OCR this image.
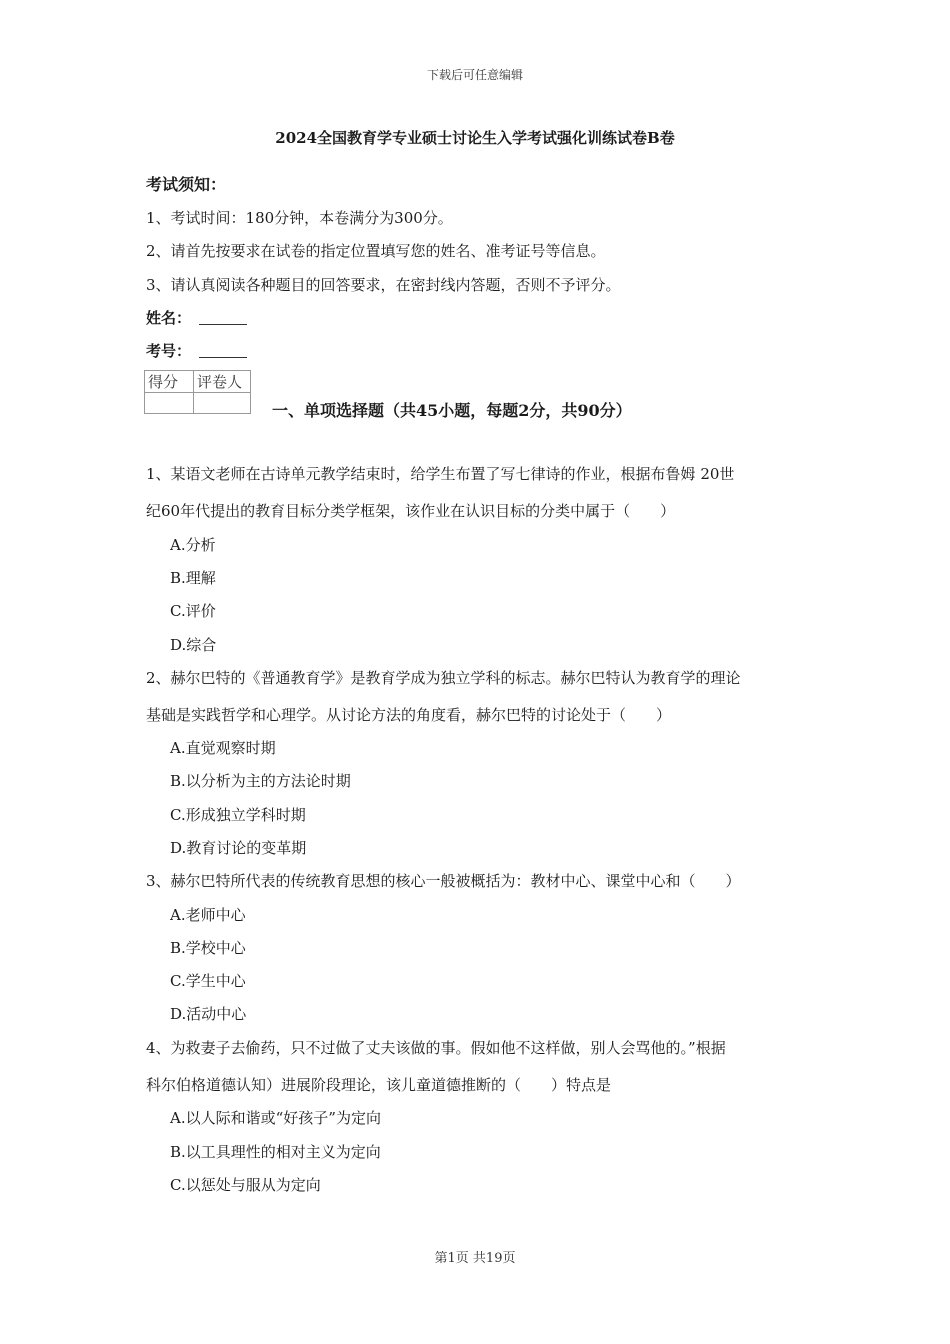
下载后可任意编辑
2024全国教育学专业硕士讨论生入学考试强化训练试卷B卷
考试须知：
1、考试时间：180分钟，本卷满分为300分。
2、请首先按要求在试卷的指定位置填写您的姓名、准考证号等信息。
3、请认真阅读各种题目的回答要求，在密封线内答题，否则不予评分。
姓名：
考号：
得分	评卷人

一、单项选择题（共45小题，每题2分，共90分）
1、某语文老师在古诗单元教学结束时，给学生布置了写七律诗的作业，根据布鲁姆 20世
纪60年代提出的教育目标分类学框架，该作业在认识目标的分类中属于（　　）
A.分析
B.理解
C.评价
D.综合
2、赫尔巴特的《普通教育学》是教育学成为独立学科的标志。赫尔巴特认为教育学的理论
基础是实践哲学和心理学。从讨论方法的角度看，赫尔巴特的讨论处于（　　）
A.直觉观察时期
B.以分析为主的方法论时期
C.形成独立学科时期
D.教育讨论的变革期
3、赫尔巴特所代表的传统教育思想的核心一般被概括为：教材中心、课堂中心和（　　）
A.老师中心
B.学校中心
C.学生中心
D.活动中心
4、为救妻子去偷药，只不过做了丈夫该做的事。假如他不这样做，别人会骂他的。”根据
科尔伯格道德认知）进展阶段理论，该儿童道德推断的（　　）特点是
A.以人际和谐或“好孩子”为定向
B.以工具理性的相对主义为定向
C.以惩处与服从为定向
第1页 共19页
